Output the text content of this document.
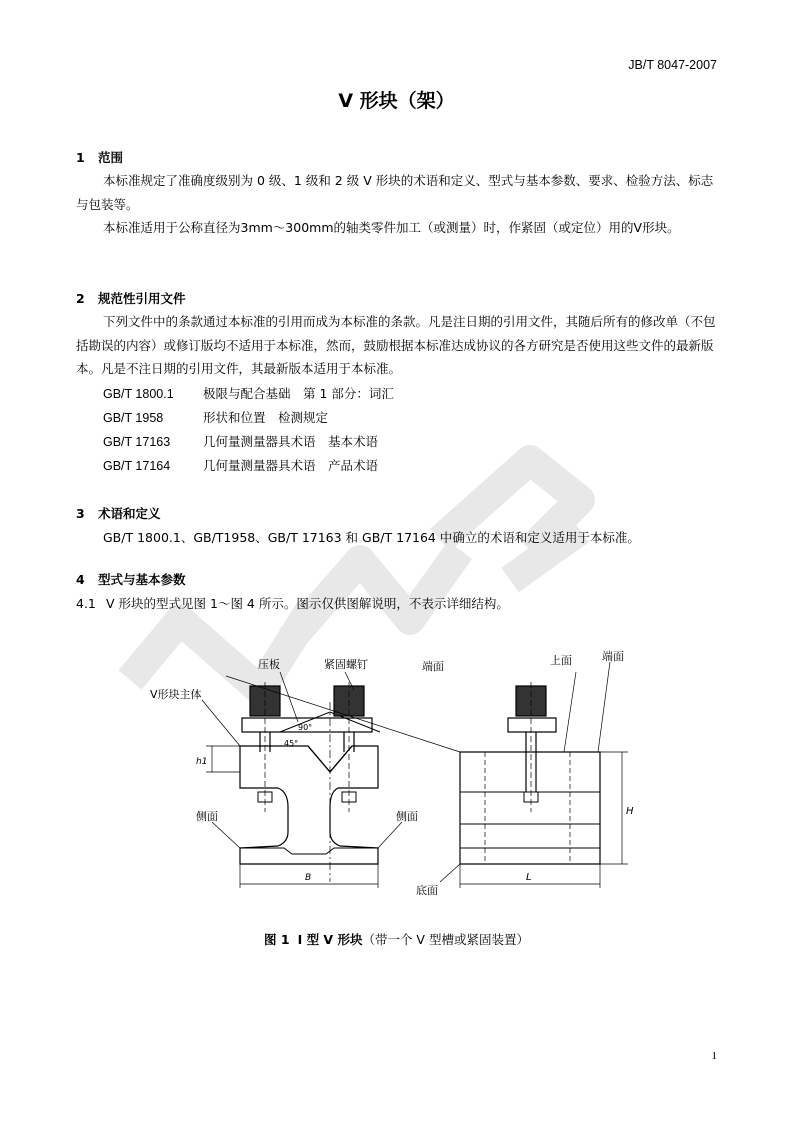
JB/T 8047-2007
V 形块（架）
1 范围
本标准规定了准确度级别为 0 级、1 级和 2 级 V 形块的术语和定义、型式与基本参数、要求、检验方法、标志与包装等。
本标准适用于公称直径为3mm～300mm的轴类零件加工（或测量）时，作紧固（或定位）用的V形块。
2 规范性引用文件
下列文件中的条款通过本标准的引用而成为本标准的条款。凡是注日期的引用文件，其随后所有的修改单（不包括勘误的内容）或修订版均不适用于本标准，然而，鼓励根据本标准达成协议的各方研究是否使用这些文件的最新版本。凡是不注日期的引用文件，其最新版本适用于本标准。
GB/T 1800.1 极限与配合基础　第 1 部分：词汇
GB/T 1958	形状和位置　检测规定
GB/T 17163	几何量测量器具术语　基本术语
GB/T 17164	几何量测量器具术语　产品术语
3 术语和定义
GB/T 1800.1、GB/T1958、GB/T 17163 和 GB/T 17164 中确立的术语和定义适用于本标准。
4 型式与基本参数
4.1 V 形块的型式见图 1～图 4 所示。图示仅供图解说明，不表示详细结构。
压板	紧固螺钉
V形块主体
端面	上面	端面
侧面	侧面
底面
h1
H
B	L
90°
45°
图 1 I 型 V 形块（带一个 V 型槽或紧固装置）
1
